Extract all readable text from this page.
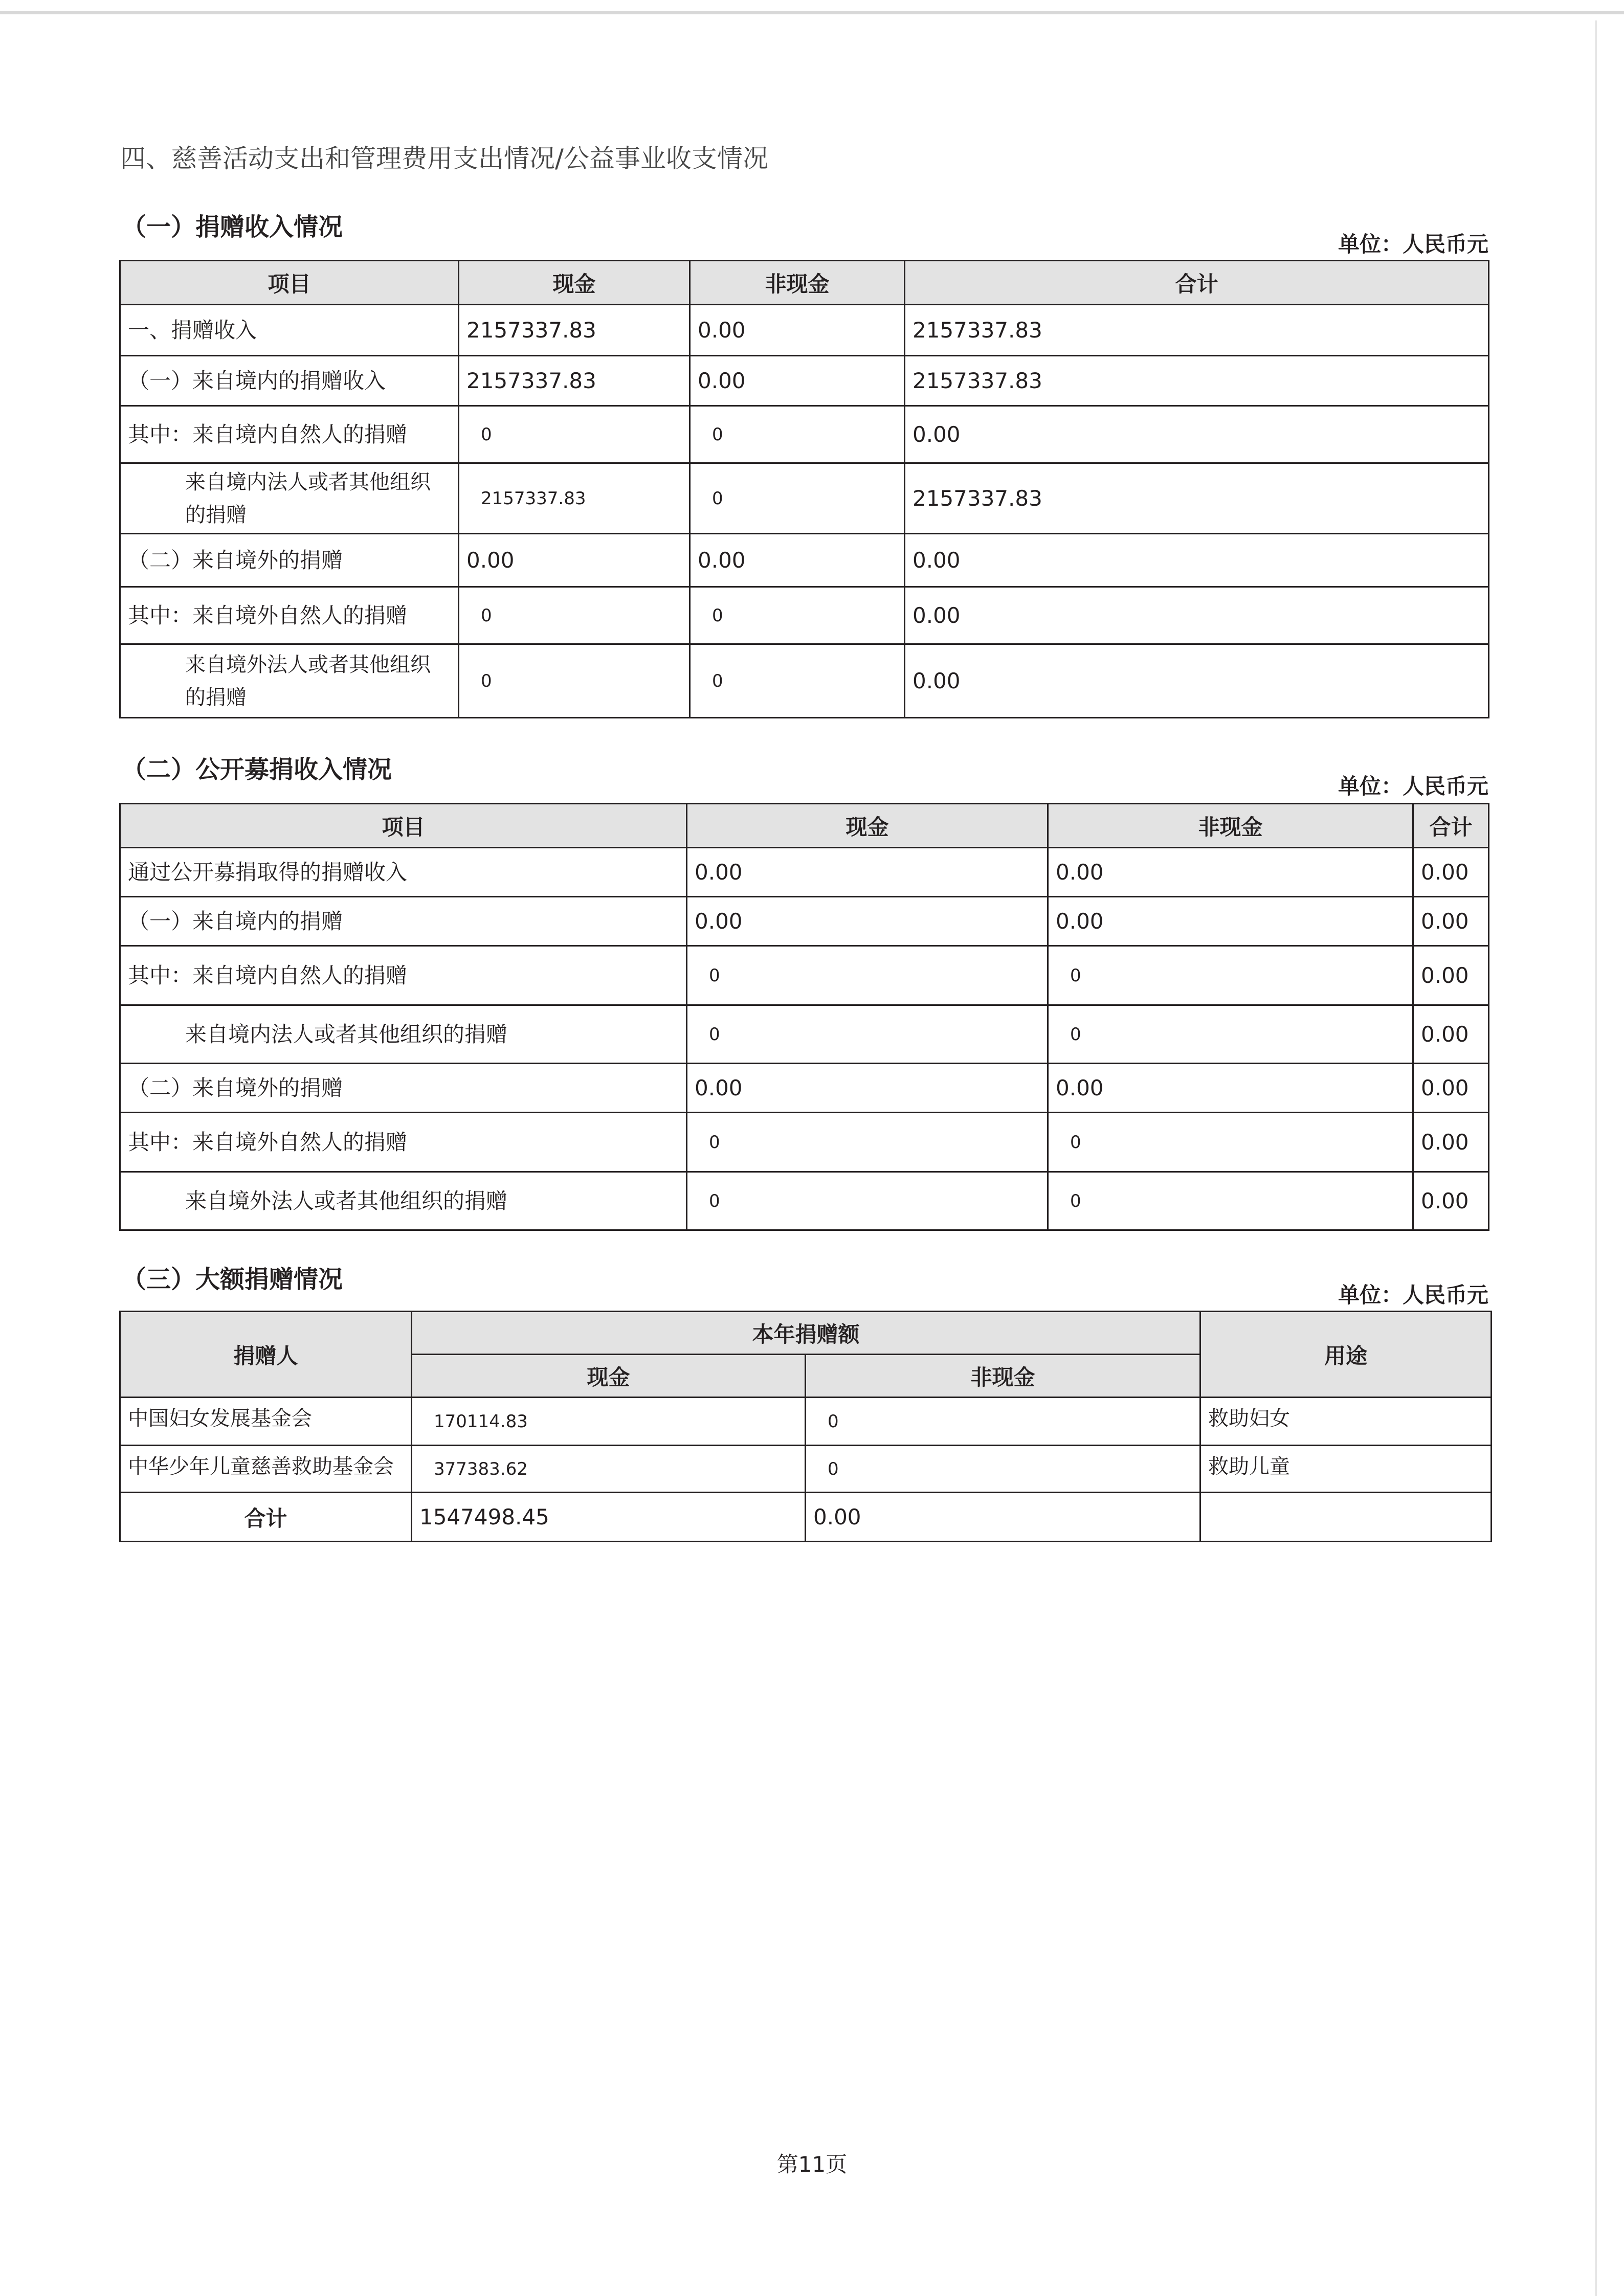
四、慈善活动支出和管理费用支出情况/公益事业收支情况
（一）捐赠收入情况
单位：人民币元
项目	现金	非现金	合计
一、捐赠收入	2157337.83	0.00	2157337.83
（一）来自境内的捐赠收入	2157337.83	0.00	2157337.83
其中：来自境内自然人的捐赠	0	0	0.00
来自境内法人或者其他组织的捐赠	2157337.83	0	2157337.83
（二）来自境外的捐赠	0.00	0.00	0.00
其中：来自境外自然人的捐赠	0	0	0.00
来自境外法人或者其他组织的捐赠	0	0	0.00
（二）公开募捐收入情况
单位：人民币元
项目	现金	非现金	合计
通过公开募捐取得的捐赠收入	0.00	0.00	0.00
（一）来自境内的捐赠	0.00	0.00	0.00
其中：来自境内自然人的捐赠	0	0	0.00
来自境内法人或者其他组织的捐赠	0	0	0.00
（二）来自境外的捐赠	0.00	0.00	0.00
其中：来自境外自然人的捐赠	0	0	0.00
来自境外法人或者其他组织的捐赠	0	0	0.00
（三）大额捐赠情况
单位：人民币元
捐赠人	本年捐赠额		用途
	现金	非现金	
中国妇女发展基金会	170114.83	0	救助妇女
中华少年儿童慈善救助基金会	377383.62	0	救助儿童
合计	1547498.45	0.00	
第11页
